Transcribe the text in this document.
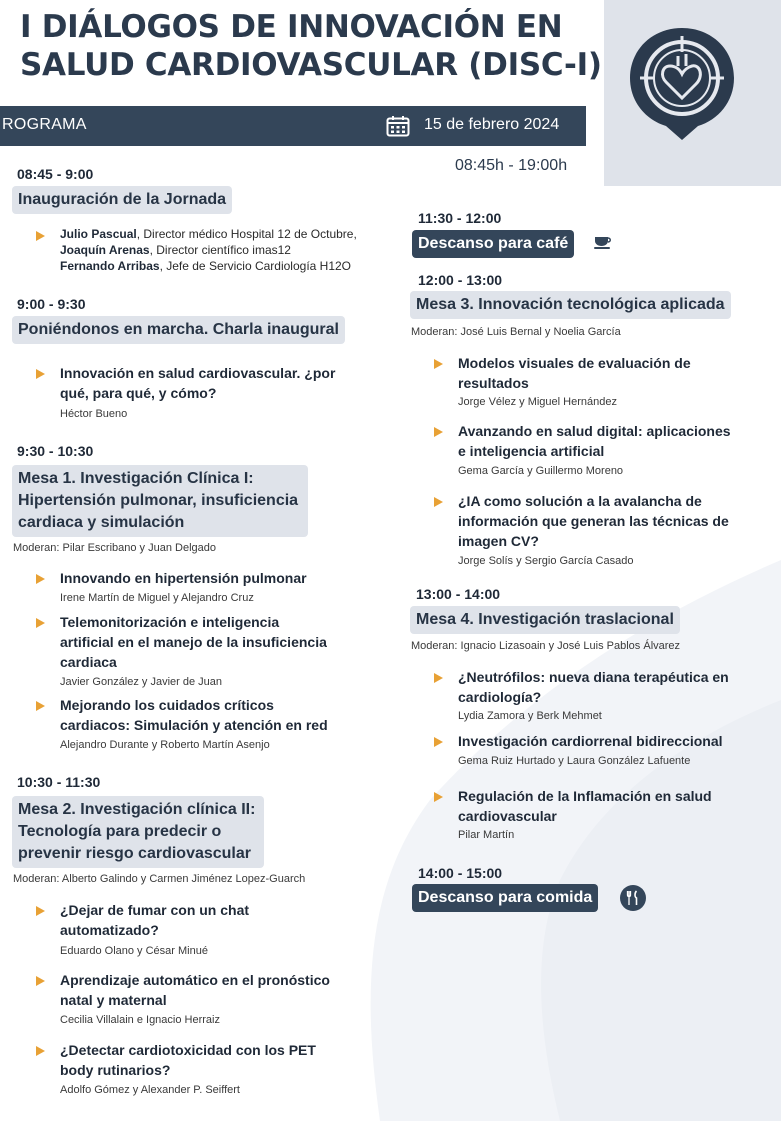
I DIÁLOGOS DE INNOVACIÓN EN
SALUD CARDIOVASCULAR (DISC-I)
ROGRAMA	15 de febrero 2024
08:45h - 19:00h
08:45 - 9:00
Inauguración de la Jornada
Julio Pascual, Director médico Hospital 12 de Octubre,
Joaquín Arenas, Director científico imas12
Fernando Arribas, Jefe de Servicio Cardiología H12O
9:00 - 9:30
Poniéndonos en marcha. Charla inaugural
Innovación en salud cardiovascular. ¿por
qué, para qué, y cómo?
Héctor Bueno
9:30 - 10:30
Mesa 1. Investigación Clínica I:
Hipertensión pulmonar, insuficiencia
cardiaca y simulación
Moderan: Pilar Escribano y Juan Delgado
Innovando en hipertensión pulmonar
Irene Martín de Miguel y Alejandro Cruz
Telemonitorización e inteligencia
artificial en el manejo de la insuficiencia
cardiaca
Javier González y Javier de Juan
Mejorando los cuidados críticos
cardiacos: Simulación y atención en red
Alejandro Durante y Roberto Martín Asenjo
10:30 - 11:30
Mesa 2. Investigación clínica II:
Tecnología para predecir o
prevenir riesgo cardiovascular
Moderan: Alberto Galindo y Carmen Jiménez Lopez-Guarch
¿Dejar de fumar con un chat
automatizado?
Eduardo Olano y César Minué
Aprendizaje automático en el pronóstico
natal y maternal
Cecilia Villalain e Ignacio Herraiz
¿Detectar cardiotoxicidad con los PET
body rutinarios?
Adolfo Gómez y Alexander P. Seiffert
11:30 - 12:00
Descanso para café
12:00 - 13:00
Mesa 3. Innovación tecnológica aplicada
Moderan: José Luis Bernal y Noelia García
Modelos visuales de evaluación de
resultados
Jorge Vélez y Miguel Hernández
Avanzando en salud digital: aplicaciones
e inteligencia artificial
Gema García y Guillermo Moreno
¿IA como solución a la avalancha de
información que generan las técnicas de
imagen CV?
Jorge Solís y Sergio García Casado
13:00 - 14:00
Mesa 4. Investigación traslacional
Moderan: Ignacio Lizasoain y José Luis Pablos Álvarez
¿Neutrófilos: nueva diana terapéutica en
cardiología?
Lydia Zamora y Berk Mehmet
Investigación cardiorrenal bidireccional
Gema Ruiz Hurtado y Laura González Lafuente
Regulación de la Inflamación en salud
cardiovascular
Pilar Martín
14:00 - 15:00
Descanso para comida
